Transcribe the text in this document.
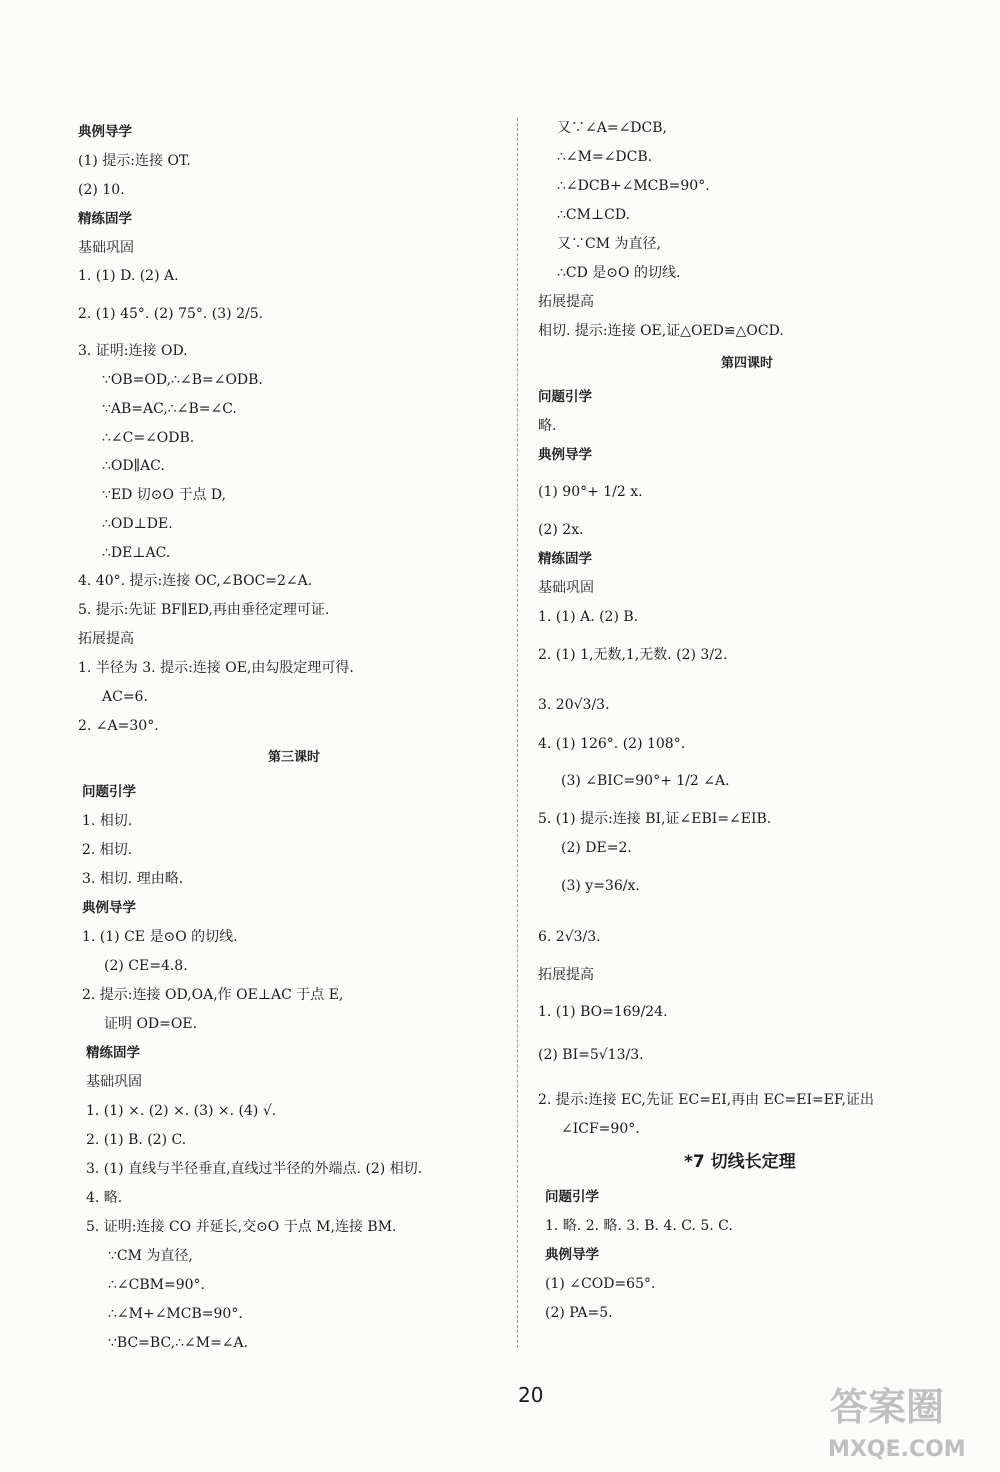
典例导学
(1) 提示:连接 OT.
(2) 10.
精练固学
基础巩固
1. (1) D. (2) A.
2. (1) 45°. (2) 75°. (3) 2/5.
3. 证明:连接 OD.
∵OB=OD,∴∠B=∠ODB.
∵AB=AC,∴∠B=∠C.
∴∠C=∠ODB.
∴OD∥AC.
∵ED 切⊙O 于点 D,
∴OD⊥DE.
∴DE⊥AC.
4. 40°. 提示:连接 OC,∠BOC=2∠A.
5. 提示:先证 BF∥ED,再由垂径定理可证.
拓展提高
1. 半径为 3. 提示:连接 OE,由勾股定理可得.
AC=6.
2. ∠A=30°.
第三课时
问题引学
1. 相切.
2. 相切.
3. 相切. 理由略.
典例导学
1. (1) CE 是⊙O 的切线.
(2) CE=4.8.
2. 提示:连接 OD,OA,作 OE⊥AC 于点 E,
证明 OD=OE.
精练固学
基础巩固
1. (1) ×. (2) ×. (3) ×. (4) √.
2. (1) B. (2) C.
3. (1) 直线与半径垂直,直线过半径的外端点. (2) 相切.
4. 略.
5. 证明:连接 CO 并延长,交⊙O 于点 M,连接 BM.
∵CM 为直径,
∴∠CBM=90°.
∴∠M+∠MCB=90°.
∵BC=BC,∴∠M=∠A.
又∵∠A=∠DCB,
∴∠M=∠DCB.
∴∠DCB+∠MCB=90°.
∴CM⊥CD.
又∵CM 为直径,
∴CD 是⊙O 的切线.
拓展提高
相切. 提示:连接 OE,证△OED≌△OCD.
第四课时
问题引学
略.
典例导学
(1) 90°+ 1/2 x.
(2) 2x.
精练固学
基础巩固
1. (1) A. (2) B.
2. (1) 1,无数,1,无数. (2) 3/2.
3. 20√3/3.
4. (1) 126°. (2) 108°.
(3) ∠BIC=90°+ 1/2 ∠A.
5. (1) 提示:连接 BI,证∠EBI=∠EIB.
(2) DE=2.
(3) y=36/x.
6. 2√3/3.
拓展提高
1. (1) BO=169/24.
(2) BI=5√13/3.
2. 提示:连接 EC,先证 EC=EI,再由 EC=EI=EF,证出
∠ICF=90°.
*7 切线长定理
问题引学
1. 略. 2. 略. 3. B. 4. C. 5. C.
典例导学
(1) ∠COD=65°.
(2) PA=5.
20	答案圈
MXQE.COM
